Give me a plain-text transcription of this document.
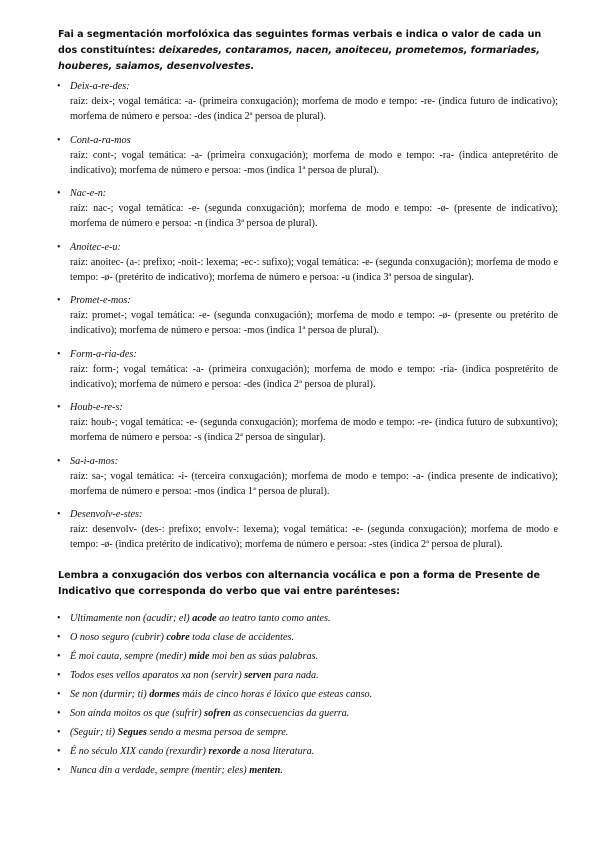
Fai a segmentación morfolóxica das seguintes formas verbais e indica o valor de cada un dos constituíntes: deixaredes, contaramos, nacen, anoiteceu, prometemos, formariades, houberes, saiamos, desenvolvestes.
• Deix-a-re-des:
raíz: deix-; vogal temática: -a- (primeira conxugación); morfema de modo e tempo: -re- (indica futuro de indicativo); morfema de número e persoa: -des (indica 2ª persoa de plural).
• Cont-a-ra-mos
raíz: cont-; vogal temática: -a- (primeira conxugación); morfema de modo e tempo: -ra- (indica antepretérito de indicativo); morfema de número e persoa: -mos (indica 1ª persoa de plural).
• Nac-e-n:
raíz: nac-; vogal temática: -e- (segunda conxugación); morfema de modo e tempo: -ø- (presente de indicativo); morfema de número e persoa: -n (indica 3ª persoa de plural).
• Anoitec-e-u:
raíz: anoitec- (a-: prefixo; -noit-: lexema; -ec-: sufixo); vogal temática: -e- (segunda conxugación); morfema de modo e tempo: -ø- (pretérito de indicativo); morfema de número e persoa: -u (indica 3ª persoa de singular).
• Promet-e-mos:
raíz: promet-; vogal temática: -e- (segunda conxugación); morfema de modo e tempo: -ø- (presente ou pretérito de indicativo); morfema de número e persoa: -mos (indica 1ª persoa de plural).
• Form-a-ria-des:
raíz: form-; vogal temática: -a- (primeira conxugación); morfema de modo e tempo: -ria- (indica pospretérito de indicativo); morfema de número e persoa: -des (indica 2ª persoa de plural).
• Houb-e-re-s:
raíz: houb-; vogal temática: -e- (segunda conxugación); morfema de modo e tempo: -re- (indica futuro de subxuntivo); morfema de número e persoa: -s (indica 2ª persoa de singular).
• Sa-i-a-mos:
raíz: sa-; vogal temática: -i- (terceira conxugación); morfema de modo e tempo: -a- (indica presente de indicativo); morfema de número e persoa: -mos (indica 1ª persoa de plural).
• Desenvolv-e-stes:
raíz: desenvolv- (des-: prefixo; envolv-: lexema); vogal temática: -e- (segunda conxugación); morfema de modo e tempo: -ø- (indica pretérito de indicativo); morfema de número e persoa: -stes (indica 2ª persoa de plural).
Lembra a conxugación dos verbos con alternancia vocálica e pon a forma de Presente de Indicativo que corresponda do verbo que vai entre parénteses:
• Ultimamente non (acudir; el) acode ao teatro tanto como antes.
• O noso seguro (cubrir) cobre toda clase de accidentes.
• É moi cauta, sempre (medir) mide moi ben as súas palabras.
• Todos eses vellos aparatos xa non (servir) serven para nada.
• Se non (durmir; ti) dormes máis de cinco horas é lóxico que esteas canso.
• Son aínda moitos os que (sufrir) sofren as consecuencias da guerra.
• (Seguir; ti) Segues sendo a mesma persoa de sempre.
• É no século XIX cando (rexurdir) rexorde a nosa literatura.
• Nunca din a verdade, sempre (mentir; eles) menten.
